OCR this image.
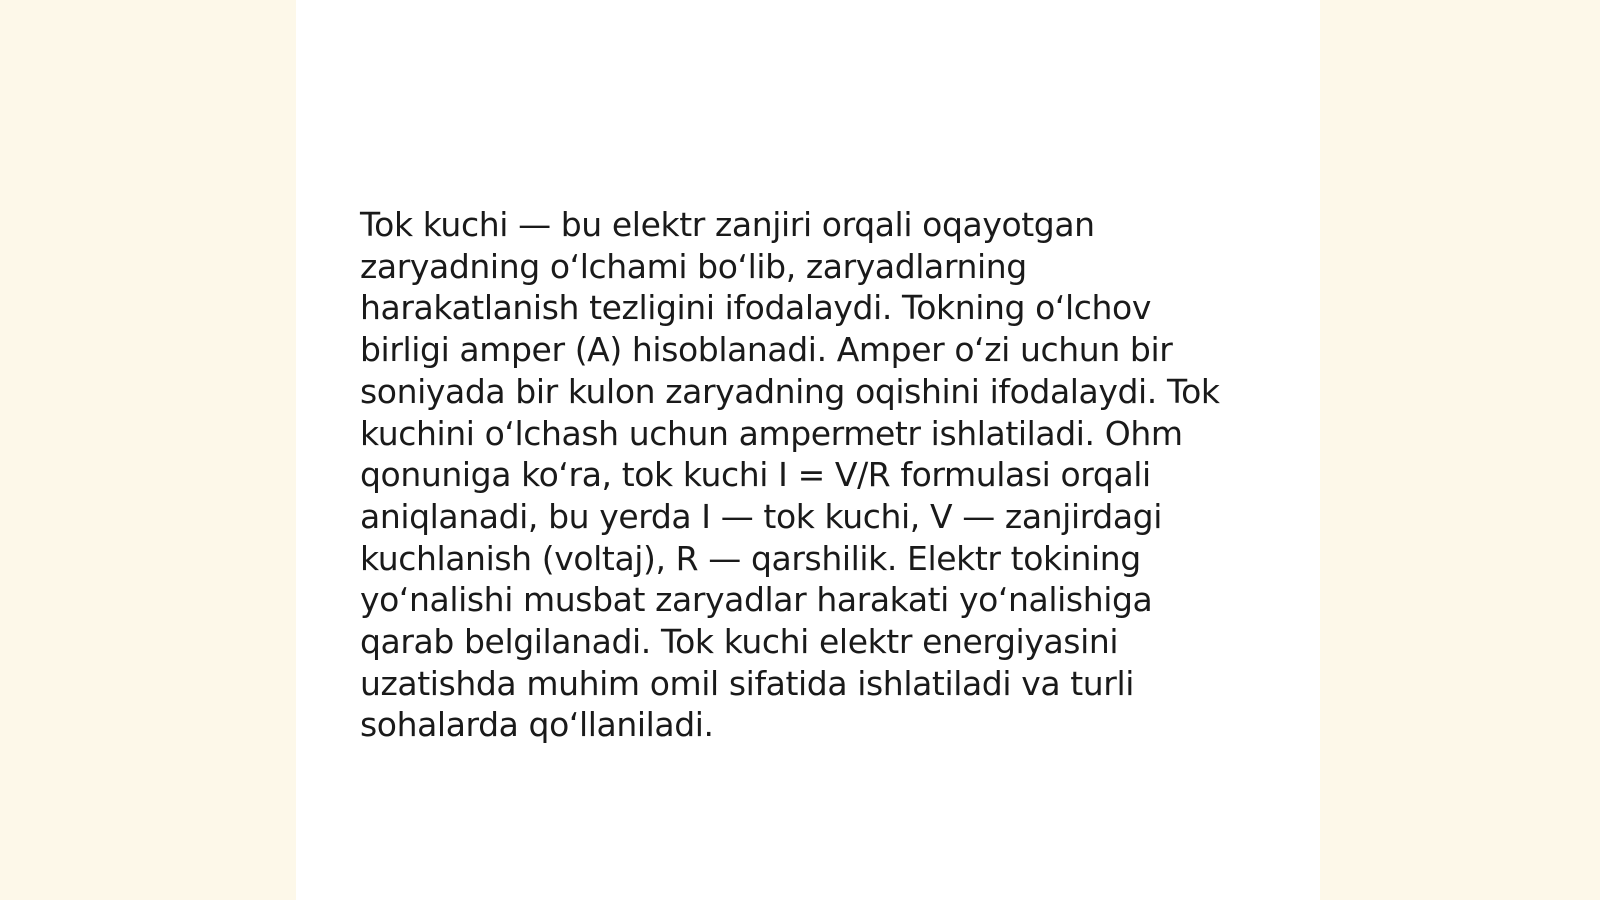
Tok kuchi — bu elektr zanjiri orqali oqayotgan
zaryadning oʻlchami boʻlib, zaryadlarning
harakatlanish tezligini ifodalaydi. Tokning oʻlchov
birligi amper (A) hisoblanadi. Amper oʻzi uchun bir
soniyada bir kulon zaryadning oqishini ifodalaydi. Tok
kuchini oʻlchash uchun ampermetr ishlatiladi. Ohm
qonuniga koʻra, tok kuchi I = V/R formulasi orqali
aniqlanadi, bu yerda I — tok kuchi, V — zanjirdagi
kuchlanish (voltaj), R — qarshilik. Elektr tokining
yoʻnalishi musbat zaryadlar harakati yoʻnalishiga
qarab belgilanadi. Tok kuchi elektr energiyasini
uzatishda muhim omil sifatida ishlatiladi va turli
sohalarda qoʻllaniladi.
